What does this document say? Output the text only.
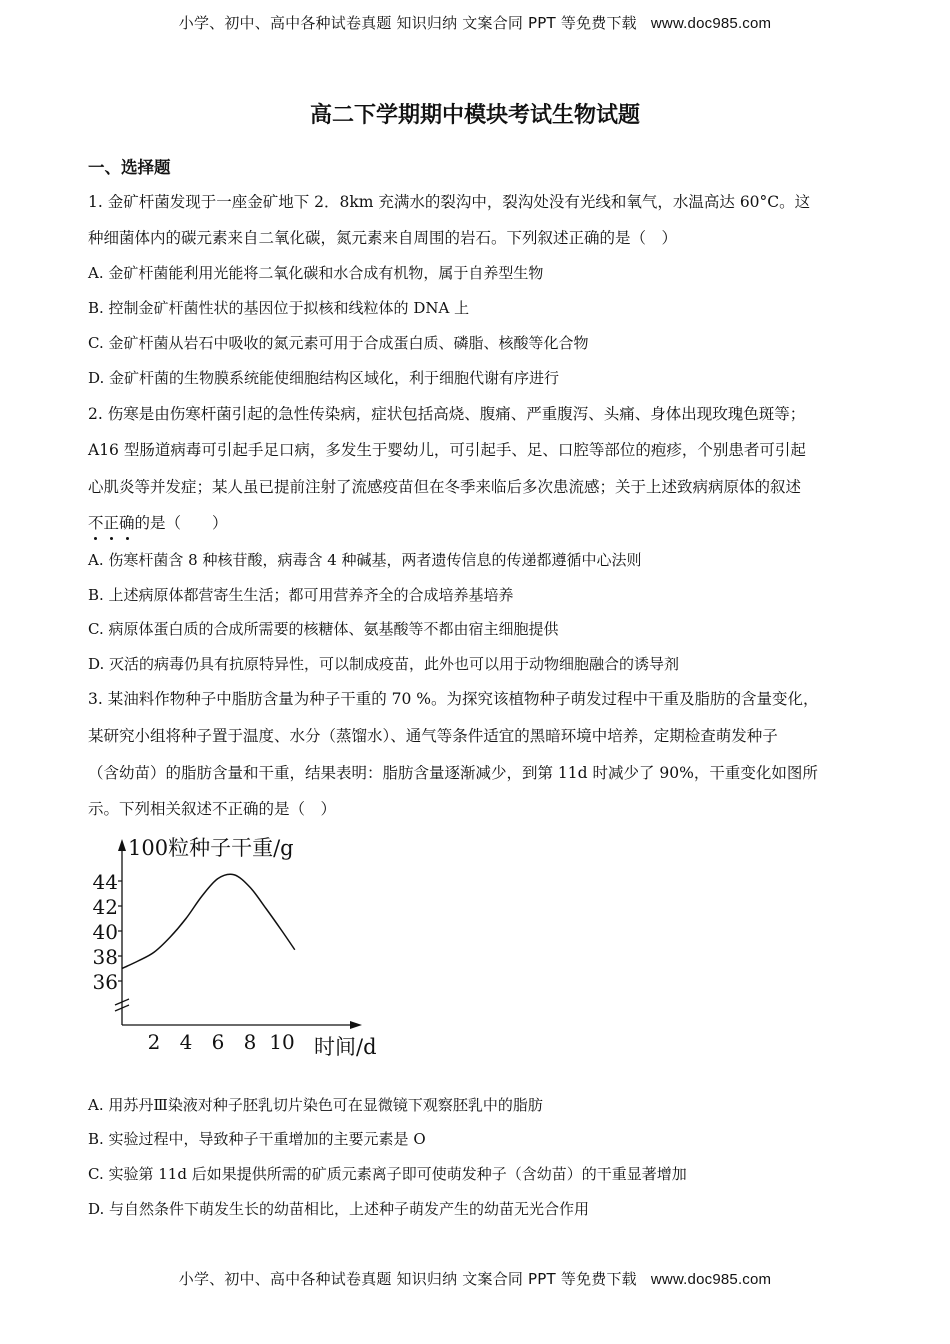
小学、初中、高中各种试卷真题 知识归纳 文案合同 PPT 等免费下载 www.doc985.com
高二下学期期中模块考试生物试题
一、选择题
1. 金矿杆菌发现于一座金矿地下 2．8km 充满水的裂沟中，裂沟处没有光线和氧气，水温高达 60°C。这
种细菌体内的碳元素来自二氧化碳，氮元素来自周围的岩石。下列叙述正确的是（　）
A. 金矿杆菌能利用光能将二氧化碳和水合成有机物，属于自养型生物
B. 控制金矿杆菌性状的基因位于拟核和线粒体的 DNA 上
C. 金矿杆菌从岩石中吸收的氮元素可用于合成蛋白质、磷脂、核酸等化合物
D. 金矿杆菌的生物膜系统能使细胞结构区域化，利于细胞代谢有序进行
2. 伤寒是由伤寒杆菌引起的急性传染病，症状包括高烧、腹痛、严重腹泻、头痛、身体出现玫瑰色斑等；
A16 型肠道病毒可引起手足口病，多发生于婴幼儿，可引起手、足、口腔等部位的疱疹，个别患者可引起
心肌炎等并发症；某人虽已提前注射了流感疫苗但在冬季来临后多次患流感；关于上述致病病原体的叙述
不正确
的是（　　）
A. 伤寒杆菌含 8 种核苷酸，病毒含 4 种碱基，两者遗传信息的传递都遵循中心法则
B. 上述病原体都营寄生生活；都可用营养齐全的合成培养基培养
C. 病原体蛋白质的合成所需要的核糖体、氨基酸等不都由宿主细胞提供
D. 灭活的病毒仍具有抗原特异性，可以制成疫苗，此外也可以用于动物细胞融合的诱导剂
3. 某油料作物种子中脂肪含量为种子干重的 70 %。为探究该植物种子萌发过程中干重及脂肪的含量变化，
某研究小组将种子置于温度、水分（蒸馏水）、通气等条件适宜的黑暗环境中培养，定期检查萌发种子
（含幼苗）的脂肪含量和干重，结果表明：脂肪含量逐渐减少，到第 11d 时减少了 90%，干重变化如图所
示。下列相关叙述不正确的是（　）
100粒种子干重/g
时间/d
36
38
40
42
44
2 4 6 8 10
A. 用苏丹Ⅲ染液对种子胚乳切片染色可在显微镜下观察胚乳中的脂肪
B. 实验过程中，导致种子干重增加的主要元素是 O
C. 实验第 11d 后如果提供所需的矿质元素离子即可使萌发种子（含幼苗）的干重显著增加
D. 与自然条件下萌发生长的幼苗相比，上述种子萌发产生的幼苗无光合作用
小学、初中、高中各种试卷真题 知识归纳 文案合同 PPT 等免费下载 www.doc985.com
